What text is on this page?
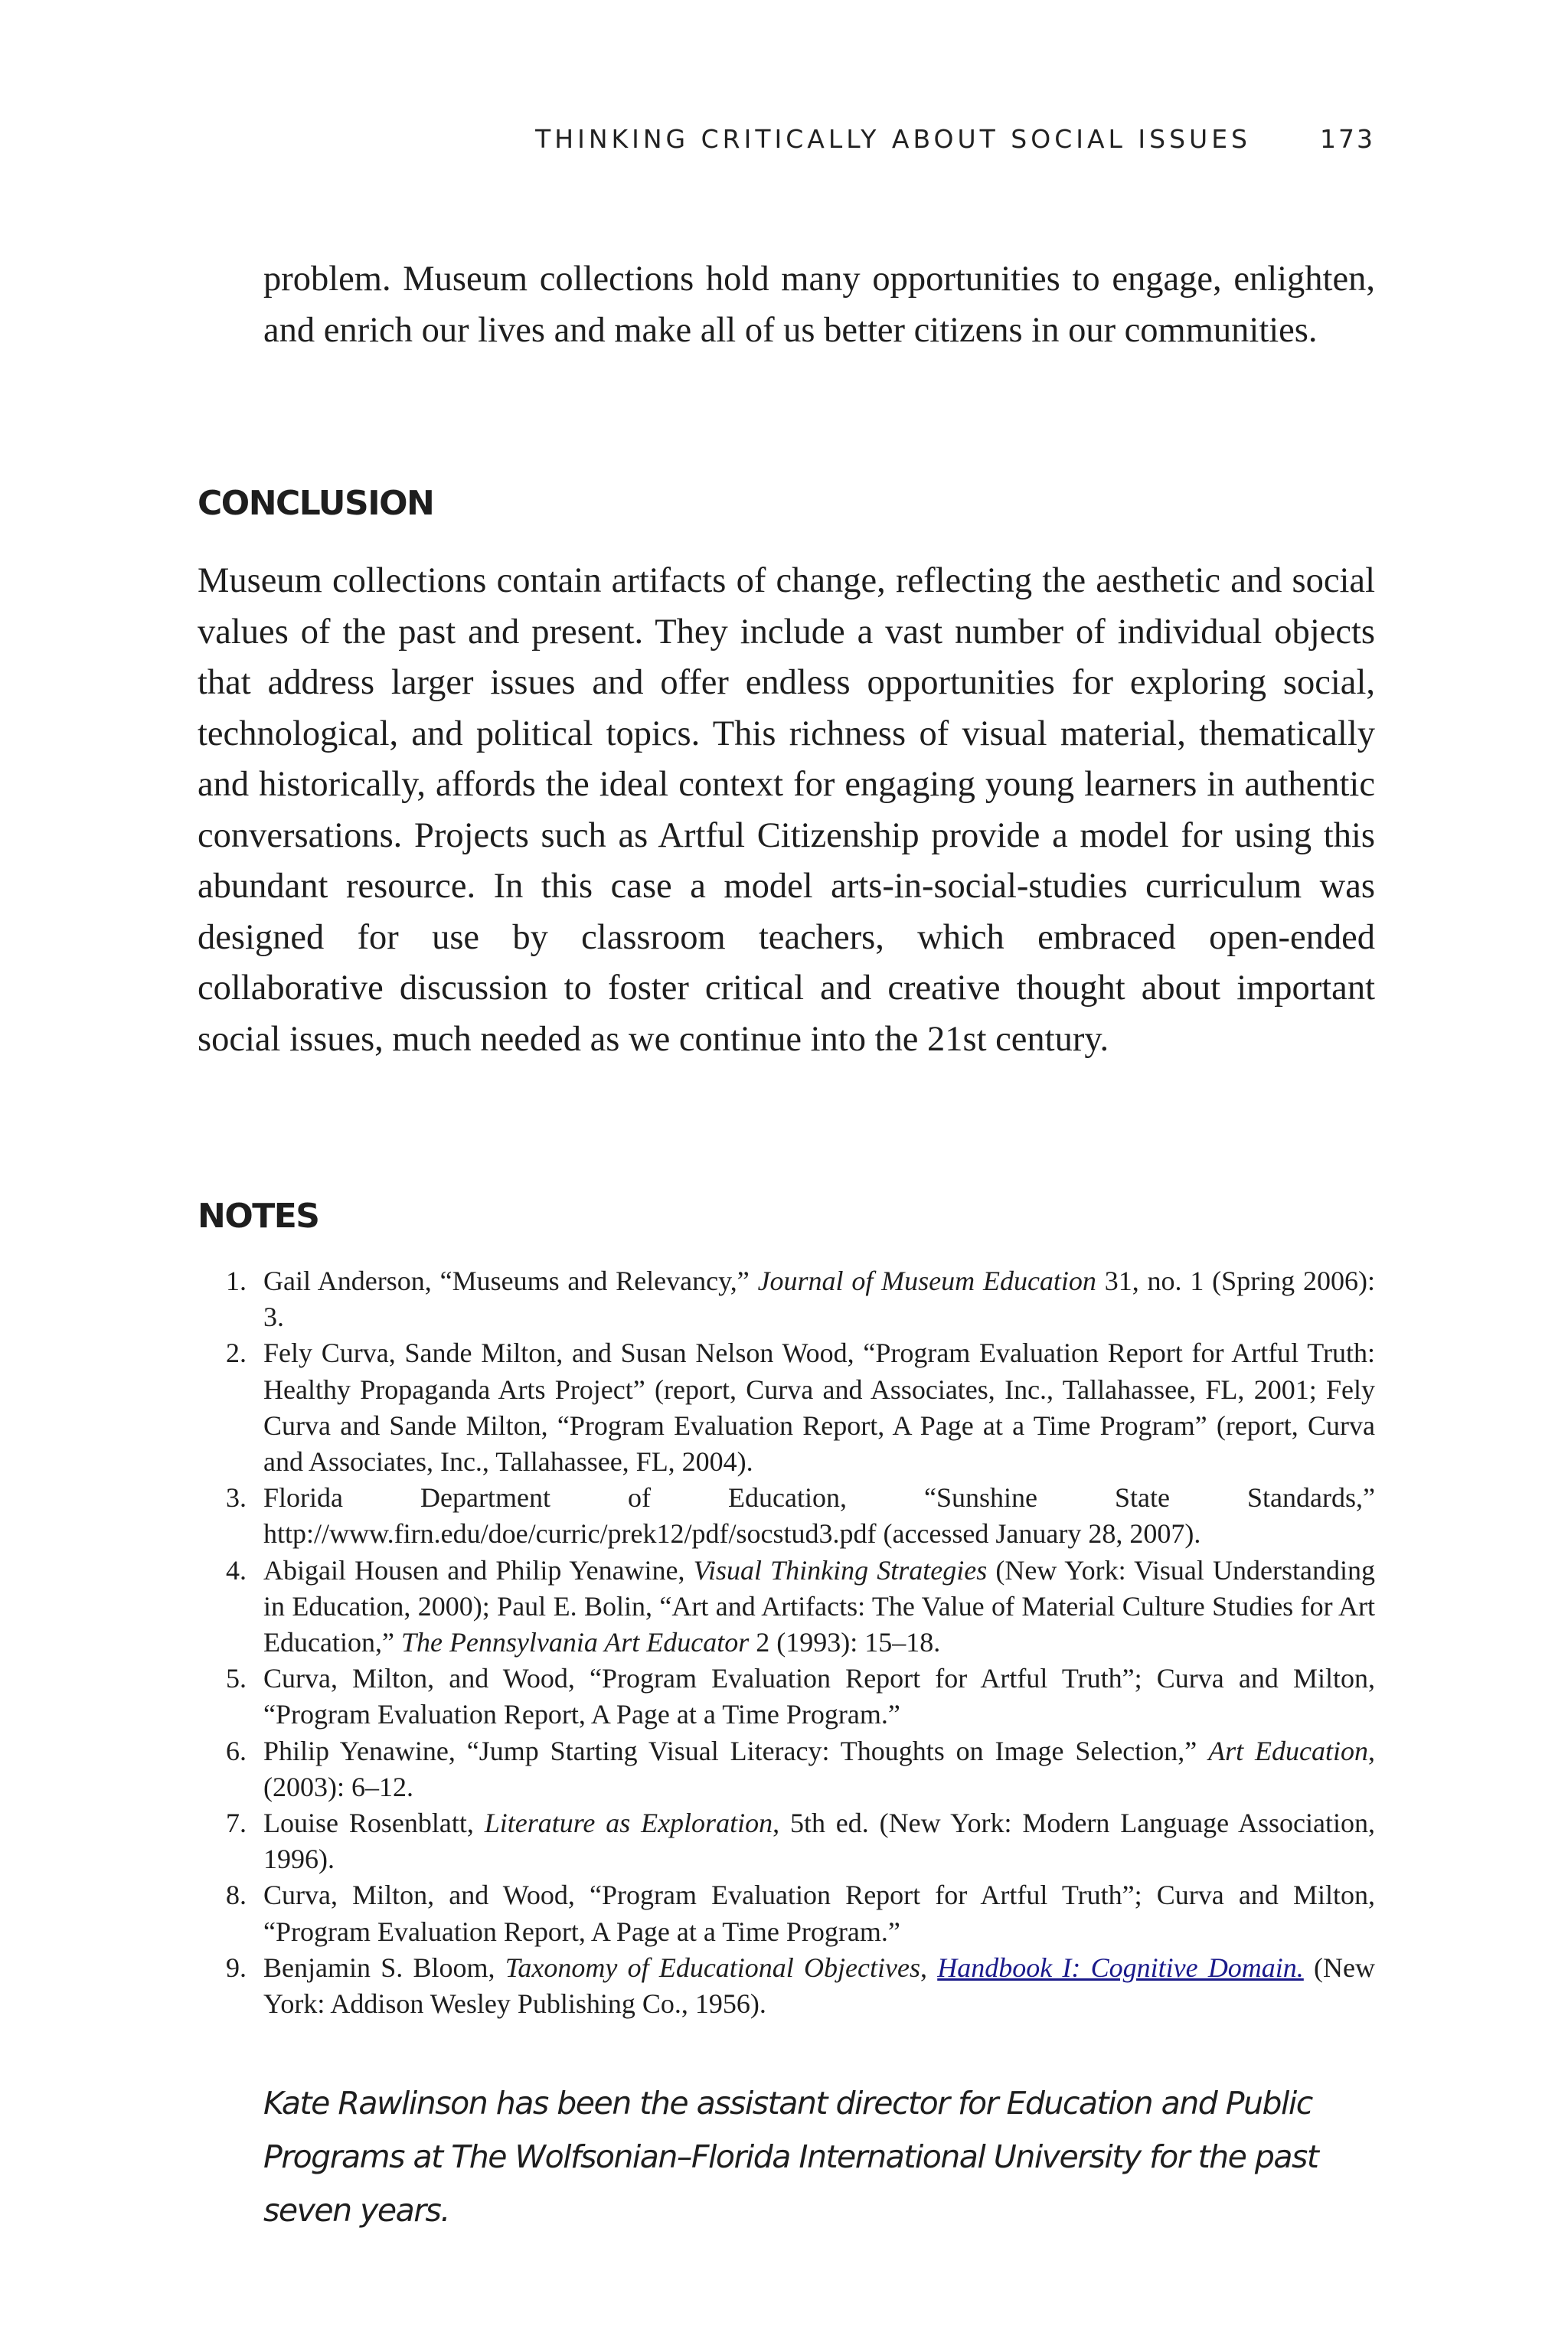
THINKING CRITICALLY ABOUT SOCIAL ISSUES	173

problem. Museum collections hold many opportunities to engage, enlighten, and enrich our lives and make all of us better citizens in our communities.

CONCLUSION

Museum collections contain artifacts of change, reflecting the aesthetic and social values of the past and present. They include a vast number of individual objects that address larger issues and offer endless opportunities for exploring social, technological, and political topics. This richness of visual material, thematically and historically, affords the ideal context for engaging young learners in authentic conversations. Projects such as Artful Citizenship provide a model for using this abundant resource. In this case a model arts-in-social-studies curriculum was designed for use by classroom teachers, which embraced open-ended collaborative discussion to foster critical and creative thought about important social issues, much needed as we continue into the 21st century.

NOTES
1. Gail Anderson, “Museums and Relevancy,” Journal of Museum Education 31, no. 1 (Spring 2006): 3.
2. Fely Curva, Sande Milton, and Susan Nelson Wood, “Program Evaluation Report for Artful Truth: Healthy Propaganda Arts Project” (report, Curva and Associates, Inc., Tallahassee, FL, 2001; Fely Curva and Sande Milton, “Program Evaluation Report, A Page at a Time Program” (report, Curva and Associates, Inc., Tallahassee, FL, 2004).
3. Florida Department of Education, “Sunshine State Standards,” http://www.firn.edu/doe/curric/prek12/pdf/socstud3.pdf (accessed January 28, 2007).
4. Abigail Housen and Philip Yenawine, Visual Thinking Strategies (New York: Visual Understanding in Education, 2000); Paul E. Bolin, “Art and Artifacts: The Value of Material Culture Studies for Art Education,” The Pennsylvania Art Educator 2 (1993): 15–18.
5. Curva, Milton, and Wood, “Program Evaluation Report for Artful Truth”; Curva and Milton, “Program Evaluation Report, A Page at a Time Program.”
6. Philip Yenawine, “Jump Starting Visual Literacy: Thoughts on Image Selection,” Art Education, (2003): 6–12.
7. Louise Rosenblatt, Literature as Exploration, 5th ed. (New York: Modern Language Association, 1996).
8. Curva, Milton, and Wood, “Program Evaluation Report for Artful Truth”; Curva and Milton, “Program Evaluation Report, A Page at a Time Program.”
9. Benjamin S. Bloom, Taxonomy of Educational Objectives, Handbook I: Cognitive Domain. (New York: Addison Wesley Publishing Co., 1956).

Kate Rawlinson has been the assistant director for Education and Public Programs at The Wolfsonian–Florida International University for the past seven years.
